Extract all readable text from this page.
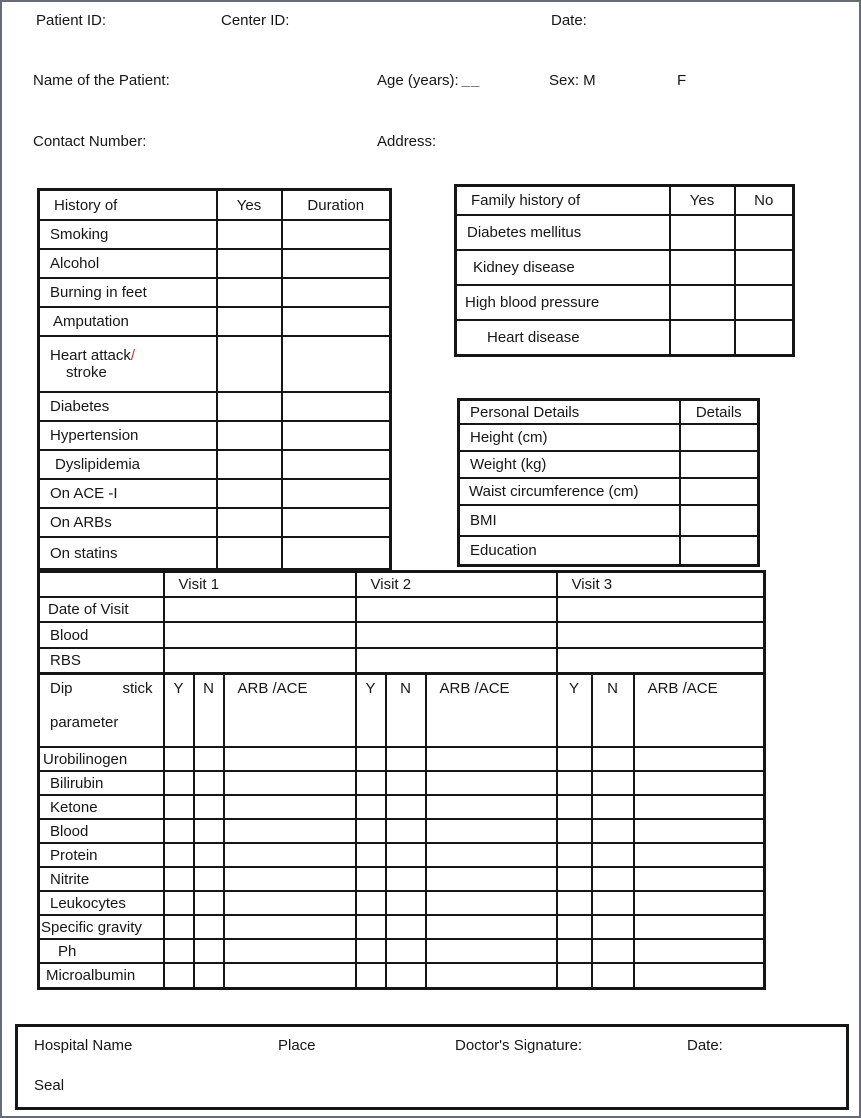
Patient ID:	Center ID:	Date:
Name of the Patient:	Age (years): __	Sex: M	F
Contact Number:	Address:
History of	Yes	Duration
Smoking		
Alcohol		
Burning in feet		
Amputation		

Heart attack/
stroke		

Diabetes		
Hypertension		
Dyslipidemia		
On ACE -I		
On ARBs		
On statins		
Family history of	Yes	No
Diabetes mellitus		
Kidney disease		
High blood pressure		
Heart disease		
Personal Details	Details
Height (cm)	
Weight (kg)	
Waist circumference (cm)	
BMI	
Education	
	Visit 1			Visit 2			Visit 3		
Date of Visit									
Blood									
RBS									

Dip stick
parameter	Y	N	ARB /ACE	Y	N	ARB /ACE	Y	N	ARB /ACE
Urobilinogen									
Bilirubin									
Ketone									
Blood									
Protein									
Nitrite									
Leukocytes									
Specific gravity									
Ph									
Microalbumin									
Hospital Name	Place	Doctor's Signature:	Date:
Seal
